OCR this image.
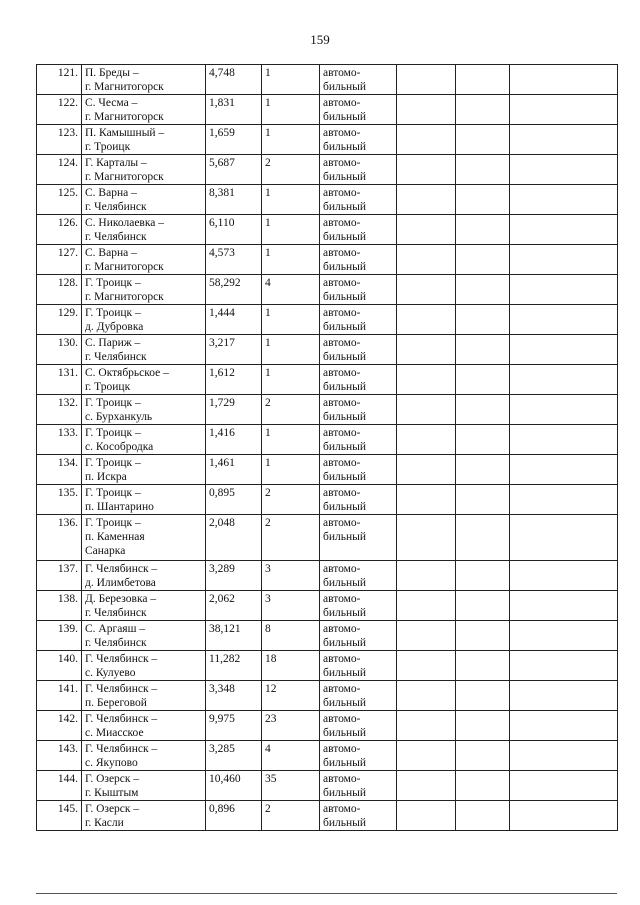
159
121.	П. Бреды –
г. Магнитогорск	4,748	1	автомо-
бильный			

122.	С. Чесма –
г. Магнитогорск	1,831	1	автомо-
бильный			

123.	П. Камышный –
г. Троицк	1,659	1	автомо-
бильный			

124.	Г. Карталы –
г. Магнитогорск	5,687	2	автомо-
бильный			

125.	С. Варна –
г. Челябинск	8,381	1	автомо-
бильный			

126.	С. Николаевка –
г. Челябинск	6,110	1	автомо-
бильный			

127.	С. Варна –
г. Магнитогорск	4,573	1	автомо-
бильный			

128.	Г. Троицк –
г. Магнитогорск	58,292	4	автомо-
бильный			

129.	Г. Троицк –
д. Дубровка	1,444	1	автомо-
бильный			

130.	С. Париж –
г. Челябинск	3,217	1	автомо-
бильный			

131.	С. Октябрьское –
г. Троицк	1,612	1	автомо-
бильный			

132.	Г. Троицк –
с. Бурханкуль	1,729	2	автомо-
бильный			

133.	Г. Троицк –
с. Кособродка	1,416	1	автомо-
бильный			

134.	Г. Троицк –
п. Искра	1,461	1	автомо-
бильный			

135.	Г. Троицк –
п. Шантарино	0,895	2	автомо-
бильный			

136.	Г. Троицк –
п. Каменная
Санарка	2,048	2	автомо-
бильный			

137.	Г. Челябинск –
д. Илимбетова	3,289	3	автомо-
бильный			

138.	Д. Березовка –
г. Челябинск	2,062	3	автомо-
бильный			

139.	С. Аргаяш –
г. Челябинск	38,121	8	автомо-
бильный			

140.	Г. Челябинск –
с. Кулуево	11,282	18	автомо-
бильный			

141.	Г. Челябинск –
п. Береговой	3,348	12	автомо-
бильный			

142.	Г. Челябинск –
с. Миасское	9,975	23	автомо-
бильный			

143.	Г. Челябинск –
с. Якупово	3,285	4	автомо-
бильный			

144.	Г. Озерск –
г. Кыштым	10,460	35	автомо-
бильный			

145.	Г. Озерск –
г. Касли	0,896	2	автомо-
бильный			
